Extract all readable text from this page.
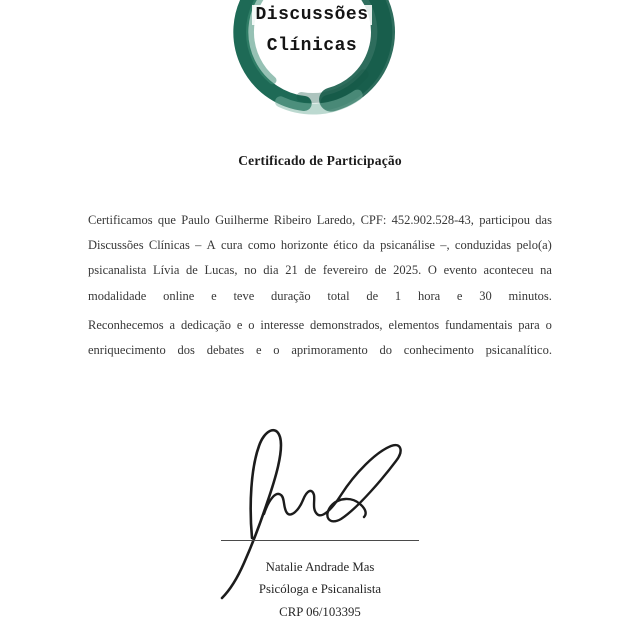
Discussões
Clínicas
Certificado de Participação
Certificamos que Paulo Guilherme Ribeiro Laredo, CPF: 452.902.528-43, participou das
Discussões Clínicas – A cura como horizonte ético da psicanálise –, conduzidas pelo(a)
psicanalista Lívia de Lucas, no dia 21 de fevereiro de 2025. O evento aconteceu na
modalidade online e teve duração total de 1 hora e 30 minutos.
Reconhecemos a dedicação e o interesse demonstrados, elementos fundamentais para o
enriquecimento dos debates e o aprimoramento do conhecimento psicanalítico.
Natalie Andrade Mas
Psicóloga e Psicanalista
CRP 06/103395
